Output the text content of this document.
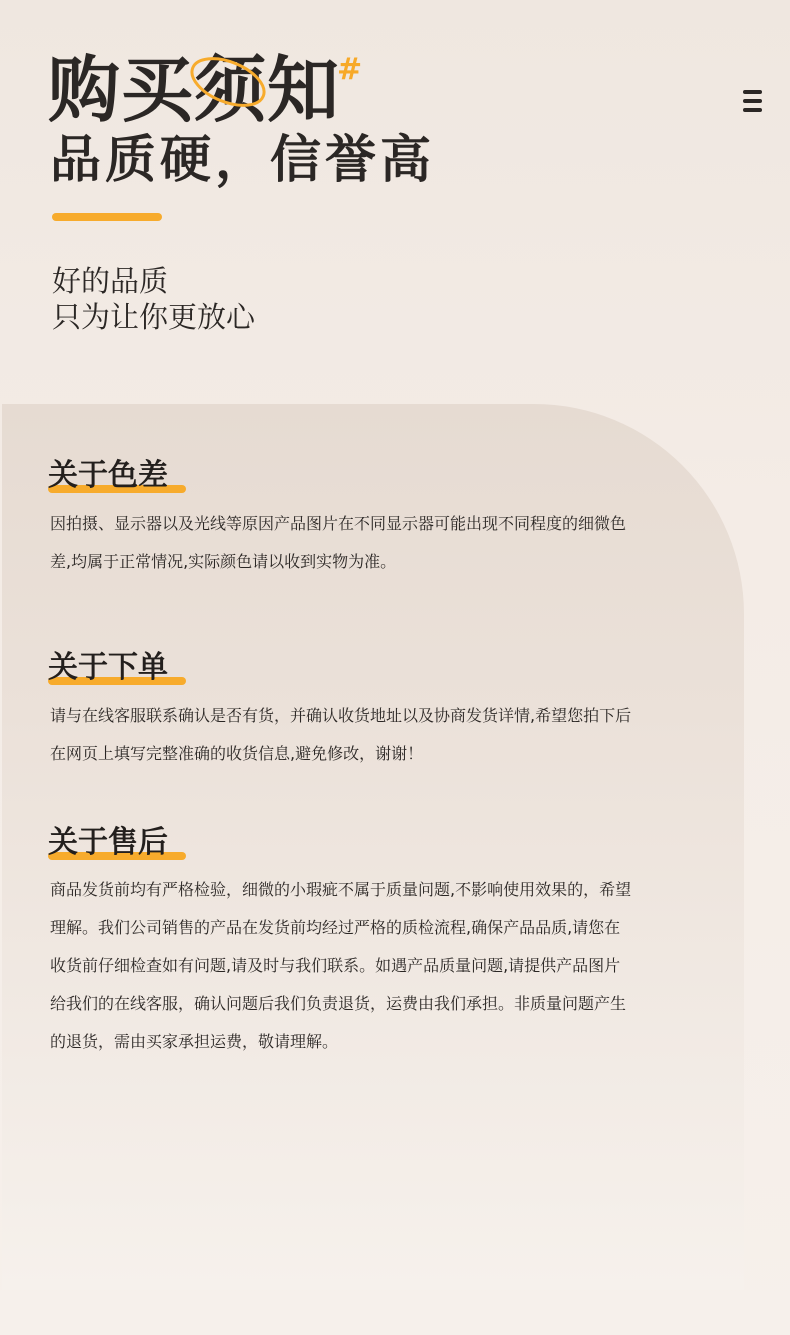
购买须知
#
品质硬，信誉高
好的品质
只为让你更放心
关于色差
因拍摄、显示器以及光线等原因产品图片在不同显示器可能出现不同程度的细微色
差,均属于正常情况,实际颜色请以收到实物为准。
关于下单
请与在线客服联系确认是否有货，并确认收货地址以及协商发货详情,希望您拍下后
在网页上填写完整准确的收货信息,避免修改，谢谢！
关于售后
商品发货前均有严格检验，细微的小瑕疵不属于质量问题,不影响使用效果的，希望
理解。我们公司销售的产品在发货前均经过严格的质检流程,确保产品品质,请您在
收货前仔细检查如有问题,请及时与我们联系。如遇产品质量问题,请提供产品图片
给我们的在线客服，确认问题后我们负责退货，运费由我们承担。非质量问题产生
的退货，需由买家承担运费，敬请理解。
